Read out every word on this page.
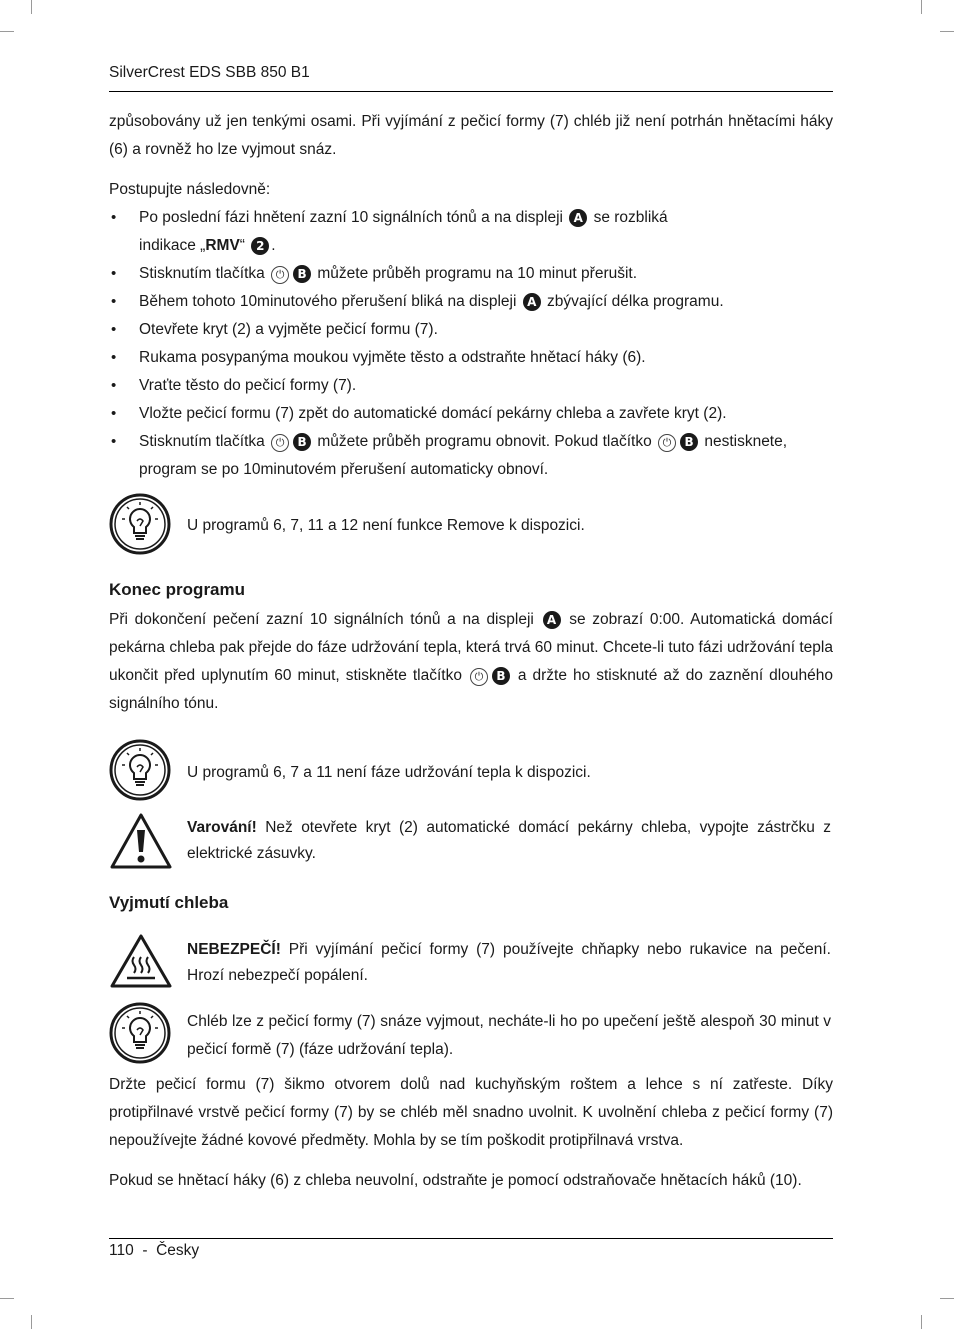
SilverCrest EDS SBB 850 B1
způsobovány už jen tenkými osami. Při vyjímání z pečicí formy (7) chléb již není potrhán hnětacími háky (6) a rovněž ho lze vyjmout snáz.
Postupujte následovně:
• Po poslední fázi hnětení zazní 10 signálních tónů a na displeji A se rozbliká
indikace „RMV“ 2 .
• Stisknutím tlačítka ⏻ B můžete průběh programu na 10 minut přerušit.
• Během tohoto 10minutového přerušení bliká na displeji A zbývající délka programu.
• Otevřete kryt (2) a vyjměte pečicí formu (7).
• Rukama posypanýma moukou vyjměte těsto a odstraňte hnětací háky (6).
• Vraťte těsto do pečicí formy (7).
• Vložte pečicí formu (7) zpět do automatické domácí pekárny chleba a zavřete kryt (2).
• Stisknutím tlačítka ⏻ B můžete průběh programu obnovit. Pokud tlačítko ⏻ B nestisknete,
program se po 10minutovém přerušení automaticky obnoví.
U programů 6, 7, 11 a 12 není funkce Remove k dispozici.
Konec programu
Při dokončení pečení zazní 10 signálních tónů a na displeji A se zobrazí 0:00. Automatická domácí pekárna chleba pak přejde do fáze udržování tepla, která trvá 60 minut. Chcete-li tuto fázi udržování tepla ukončit před uplynutím 60 minut, stiskněte tlačítko ⏻ B a držte ho stisknuté až do zaznění dlouhého signálního tónu.
U programů 6, 7 a 11 není fáze udržování tepla k dispozici.
Varování! Než otevřete kryt (2) automatické domácí pekárny chleba, vypojte zástrčku z elektrické zásuvky.
Vyjmutí chleba
NEBEZPEČÍ! Při vyjímání pečicí formy (7) používejte chňapky nebo rukavice na pečení. Hrozí nebezpečí popálení.
Chléb lze z pečicí formy (7) snáze vyjmout, necháte-li ho po upečení ještě alespoň 30 minut v pečicí formě (7) (fáze udržování tepla).
Držte pečicí formu (7) šikmo otvorem dolů nad kuchyňským roštem a lehce s ní zatřeste. Díky protipřilnavé vrstvě pečicí formy (7) by se chléb měl snadno uvolnit. K uvolnění chleba z pečicí formy (7) nepoužívejte žádné kovové předměty. Mohla by se tím poškodit protipřilnavá vrstva.
Pokud se hnětací háky (6) z chleba neuvolní, odstraňte je pomocí odstraňovače hnětacích háků (10).
110  -  Česky
